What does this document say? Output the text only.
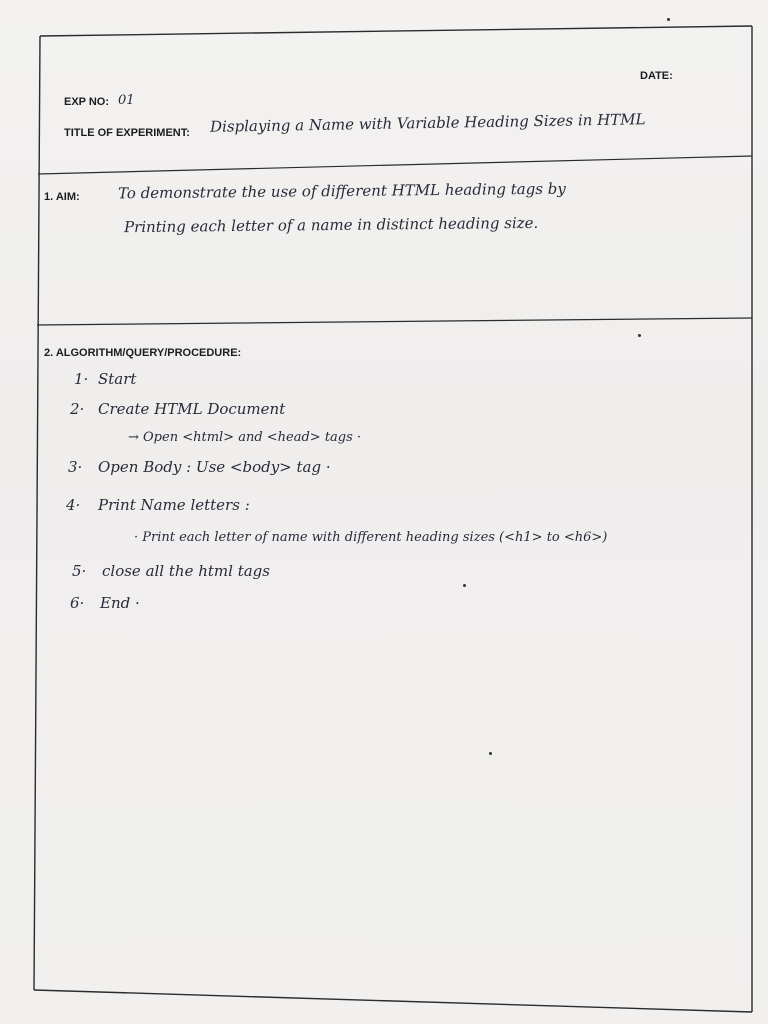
DATE:
EXP NO: 01
TITLE OF EXPERIMENT: Displaying a Name with Variable Heading Sizes in HTML
1. AIM:	To demonstrate the use of different HTML heading tags by
Printing each letter of a name in distinct heading size.
2. ALGORITHM/QUERY/PROCEDURE:
1· Start
2· Create HTML Document
→ Open <html> and <head> tags ·
3· Open Body : Use <body> tag ·
4· Print Name letters :
· Print each letter of name with different heading sizes (<h1> to <h6>)
5· close all the html tags
6· End ·
